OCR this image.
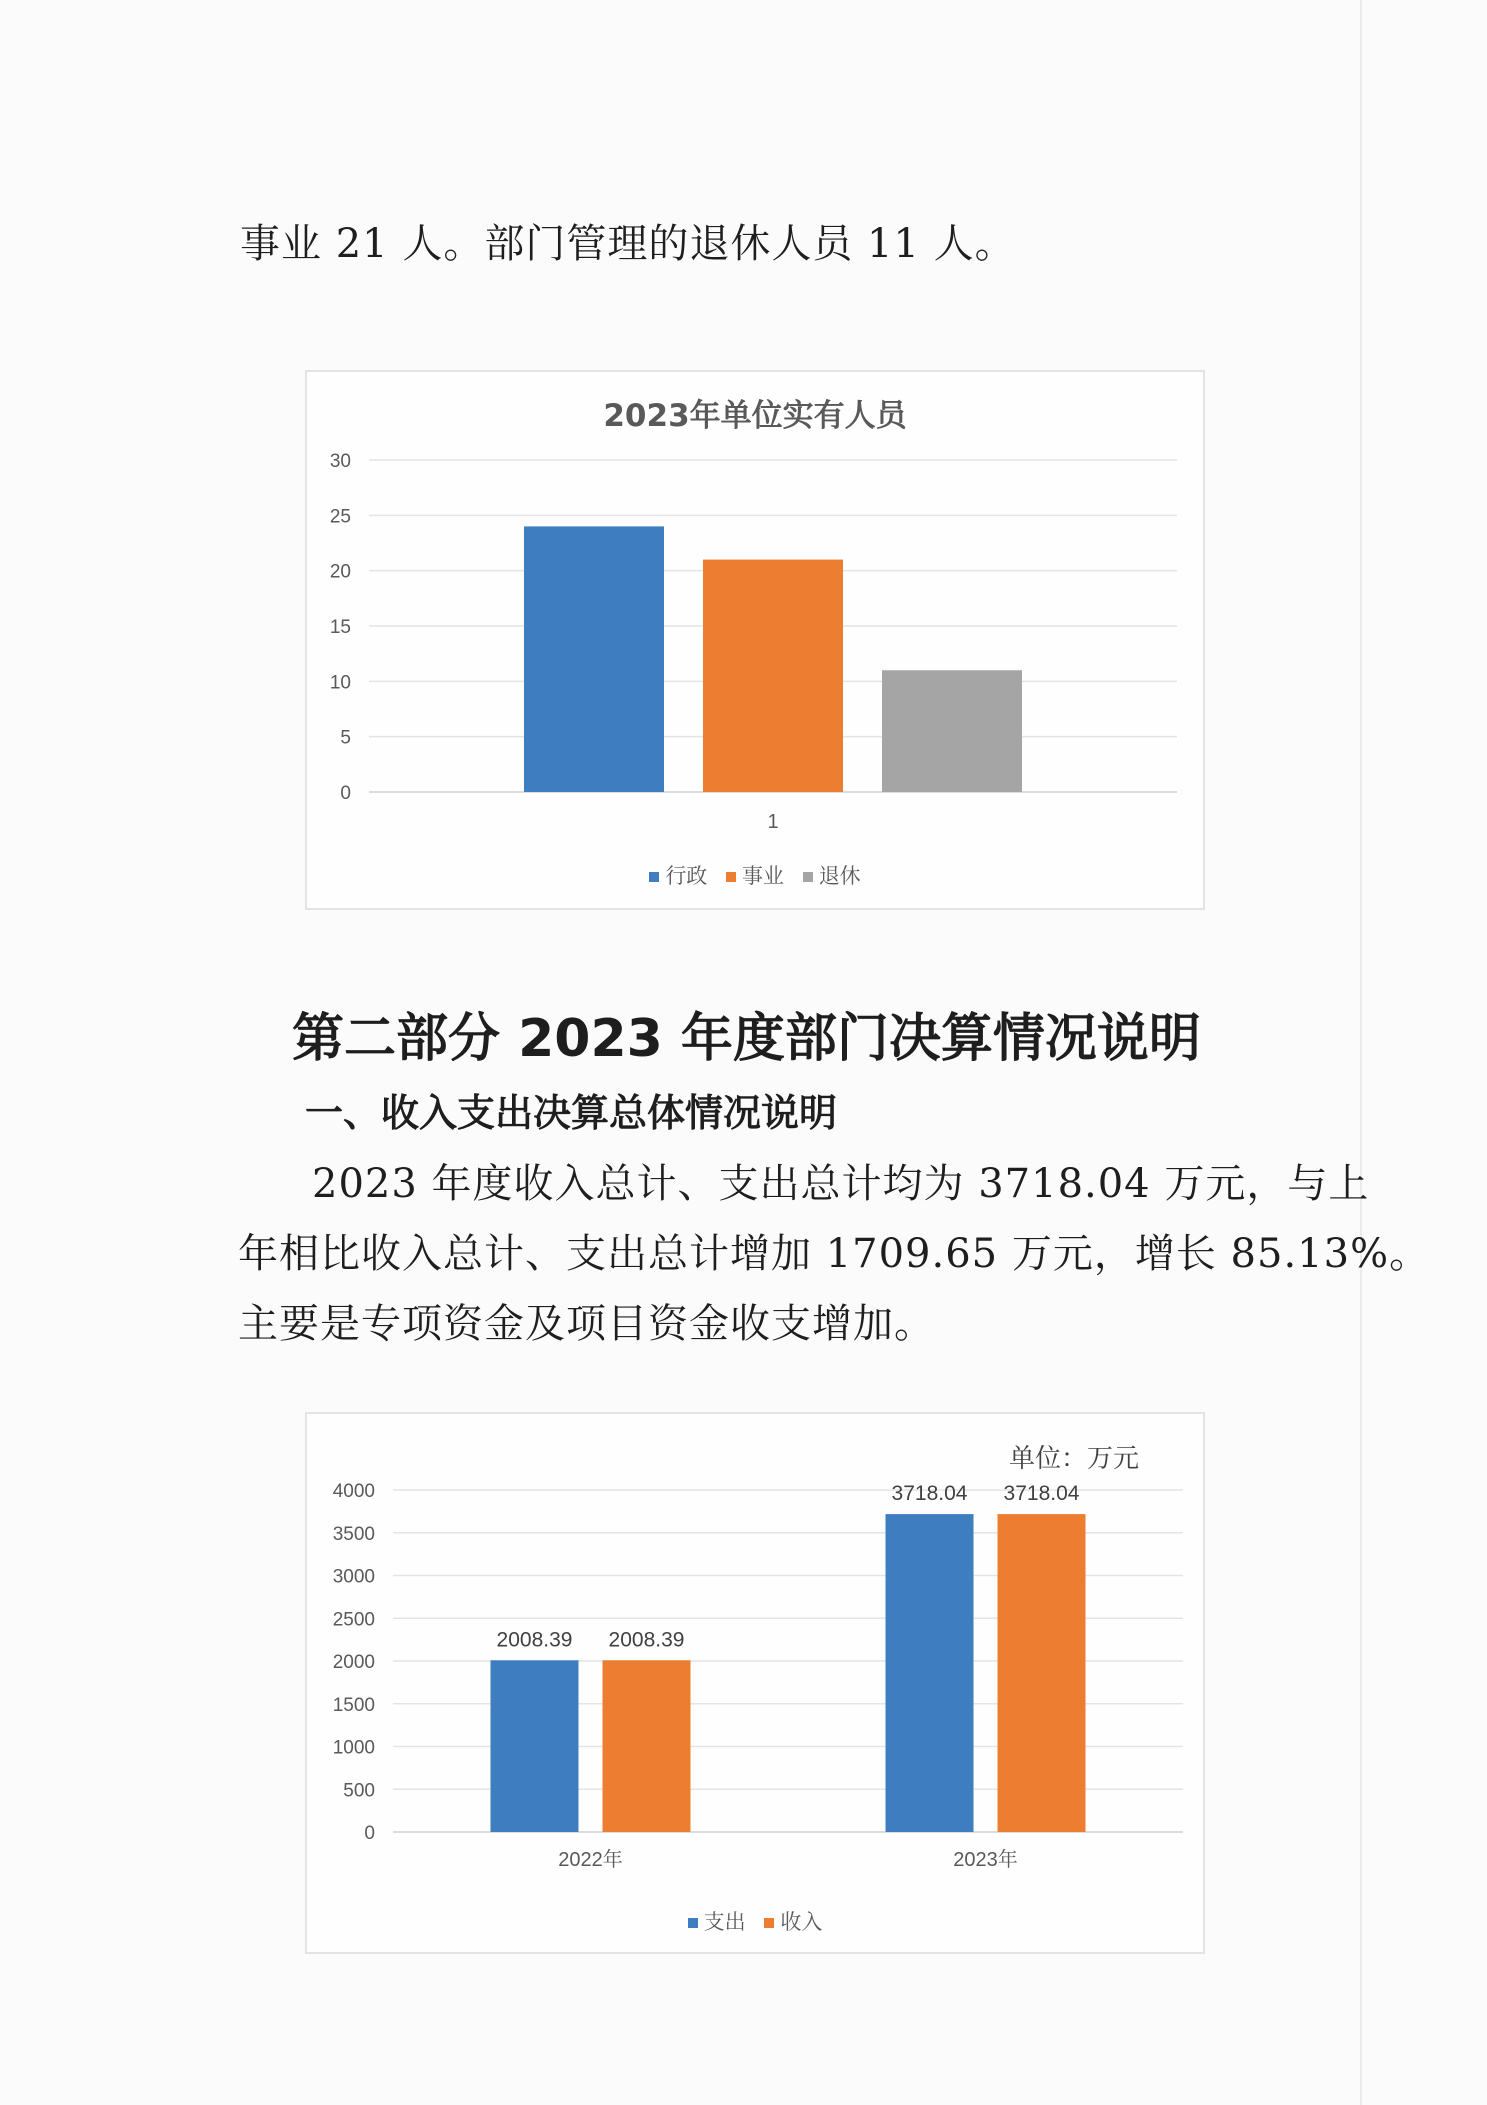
事业 21 人。部门管理的退休人员 11 人。
2023年单位实有人员
0
5
10
15
20
25
30
1
行政 事业 退休
第二部分 2023 年度部门决算情况说明
一、收入支出决算总体情况说明
2023 年度收入总计、支出总计均为 3718.04 万元，与上
年相比收入总计、支出总计增加 1709.65 万元，增长 85.13%。
主要是专项资金及项目资金收支增加。
单位：万元
0
500
1000
1500
2000
2500
3000
3500
4000
2008.39 2008.39
2022年
3718.04 3718.04
2023年
支出 收入
